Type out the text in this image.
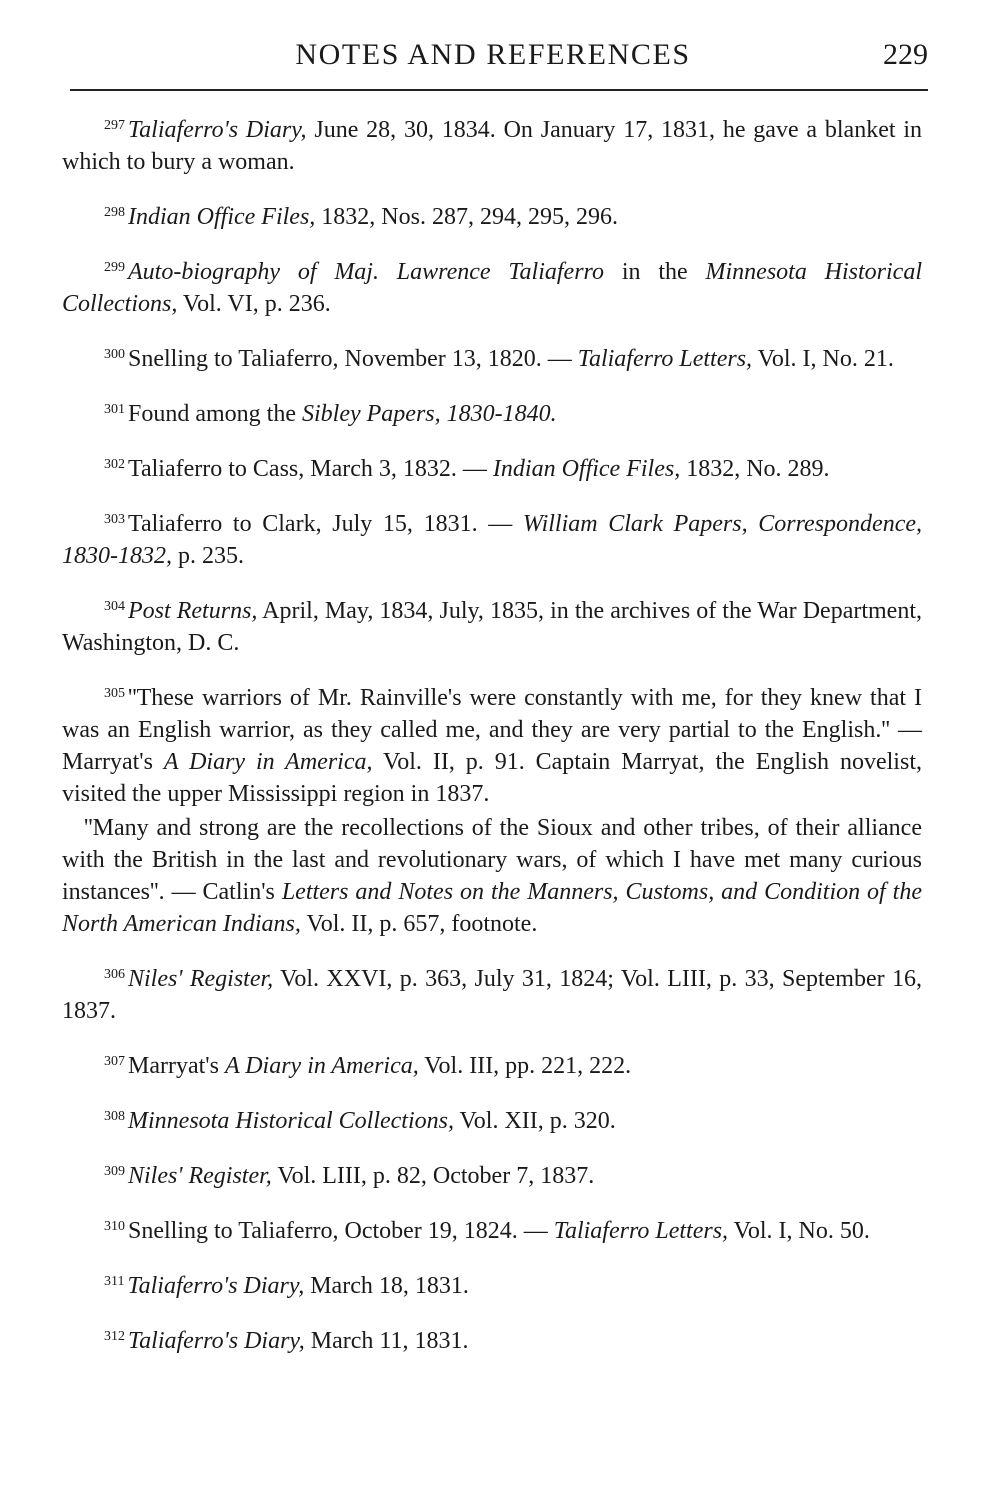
NOTES AND REFERENCES	229

$^{297}$ Taliaferro's Diary, June 28, 30, 1834. On January 17, 1831, he gave a blanket in which to bury a woman.

$^{298}$ Indian Office Files, 1832, Nos. 287, 294, 295, 296.

$^{299}$ Auto-biography of Maj. Lawrence Taliaferro in the Minnesota Historical Collections, Vol. VI, p. 236.

$^{300}$ Snelling to Taliaferro, November 13, 1820. — Taliaferro Letters, Vol. I, No. 21.

$^{301}$ Found among the Sibley Papers, 1830-1840.

$^{302}$ Taliaferro to Cass, March 3, 1832. — Indian Office Files, 1832, No. 289.

$^{303}$ Taliaferro to Clark, July 15, 1831. — William Clark Papers, Correspondence, 1830-1832, p. 235.

$^{304}$ Post Returns, April, May, 1834, July, 1835, in the archives of the War Department, Washington, D. C.

$^{305}$ ''These warriors of Mr. Rainville's were constantly with me, for they knew that I was an English warrior, as they called me, and they are very partial to the English.'' — Marryat's A Diary in America, Vol. II, p. 91. Captain Marryat, the English novelist, visited the upper Mississippi region in 1837.
''Many and strong are the recollections of the Sioux and other tribes, of their alliance with the British in the last and revolutionary wars, of which I have met many curious instances''. — Catlin's Letters and Notes on the Manners, Customs, and Condition of the North American Indians, Vol. II, p. 657, footnote.

$^{306}$ Niles' Register, Vol. XXVI, p. 363, July 31, 1824; Vol. LIII, p. 33, September 16, 1837.

$^{307}$ Marryat's A Diary in America, Vol. III, pp. 221, 222.

$^{308}$ Minnesota Historical Collections, Vol. XII, p. 320.

$^{309}$ Niles' Register, Vol. LIII, p. 82, October 7, 1837.

$^{310}$ Snelling to Taliaferro, October 19, 1824. — Taliaferro Letters, Vol. I, No. 50.

$^{311}$ Taliaferro's Diary, March 18, 1831.

$^{312}$ Taliaferro's Diary, March 11, 1831.
